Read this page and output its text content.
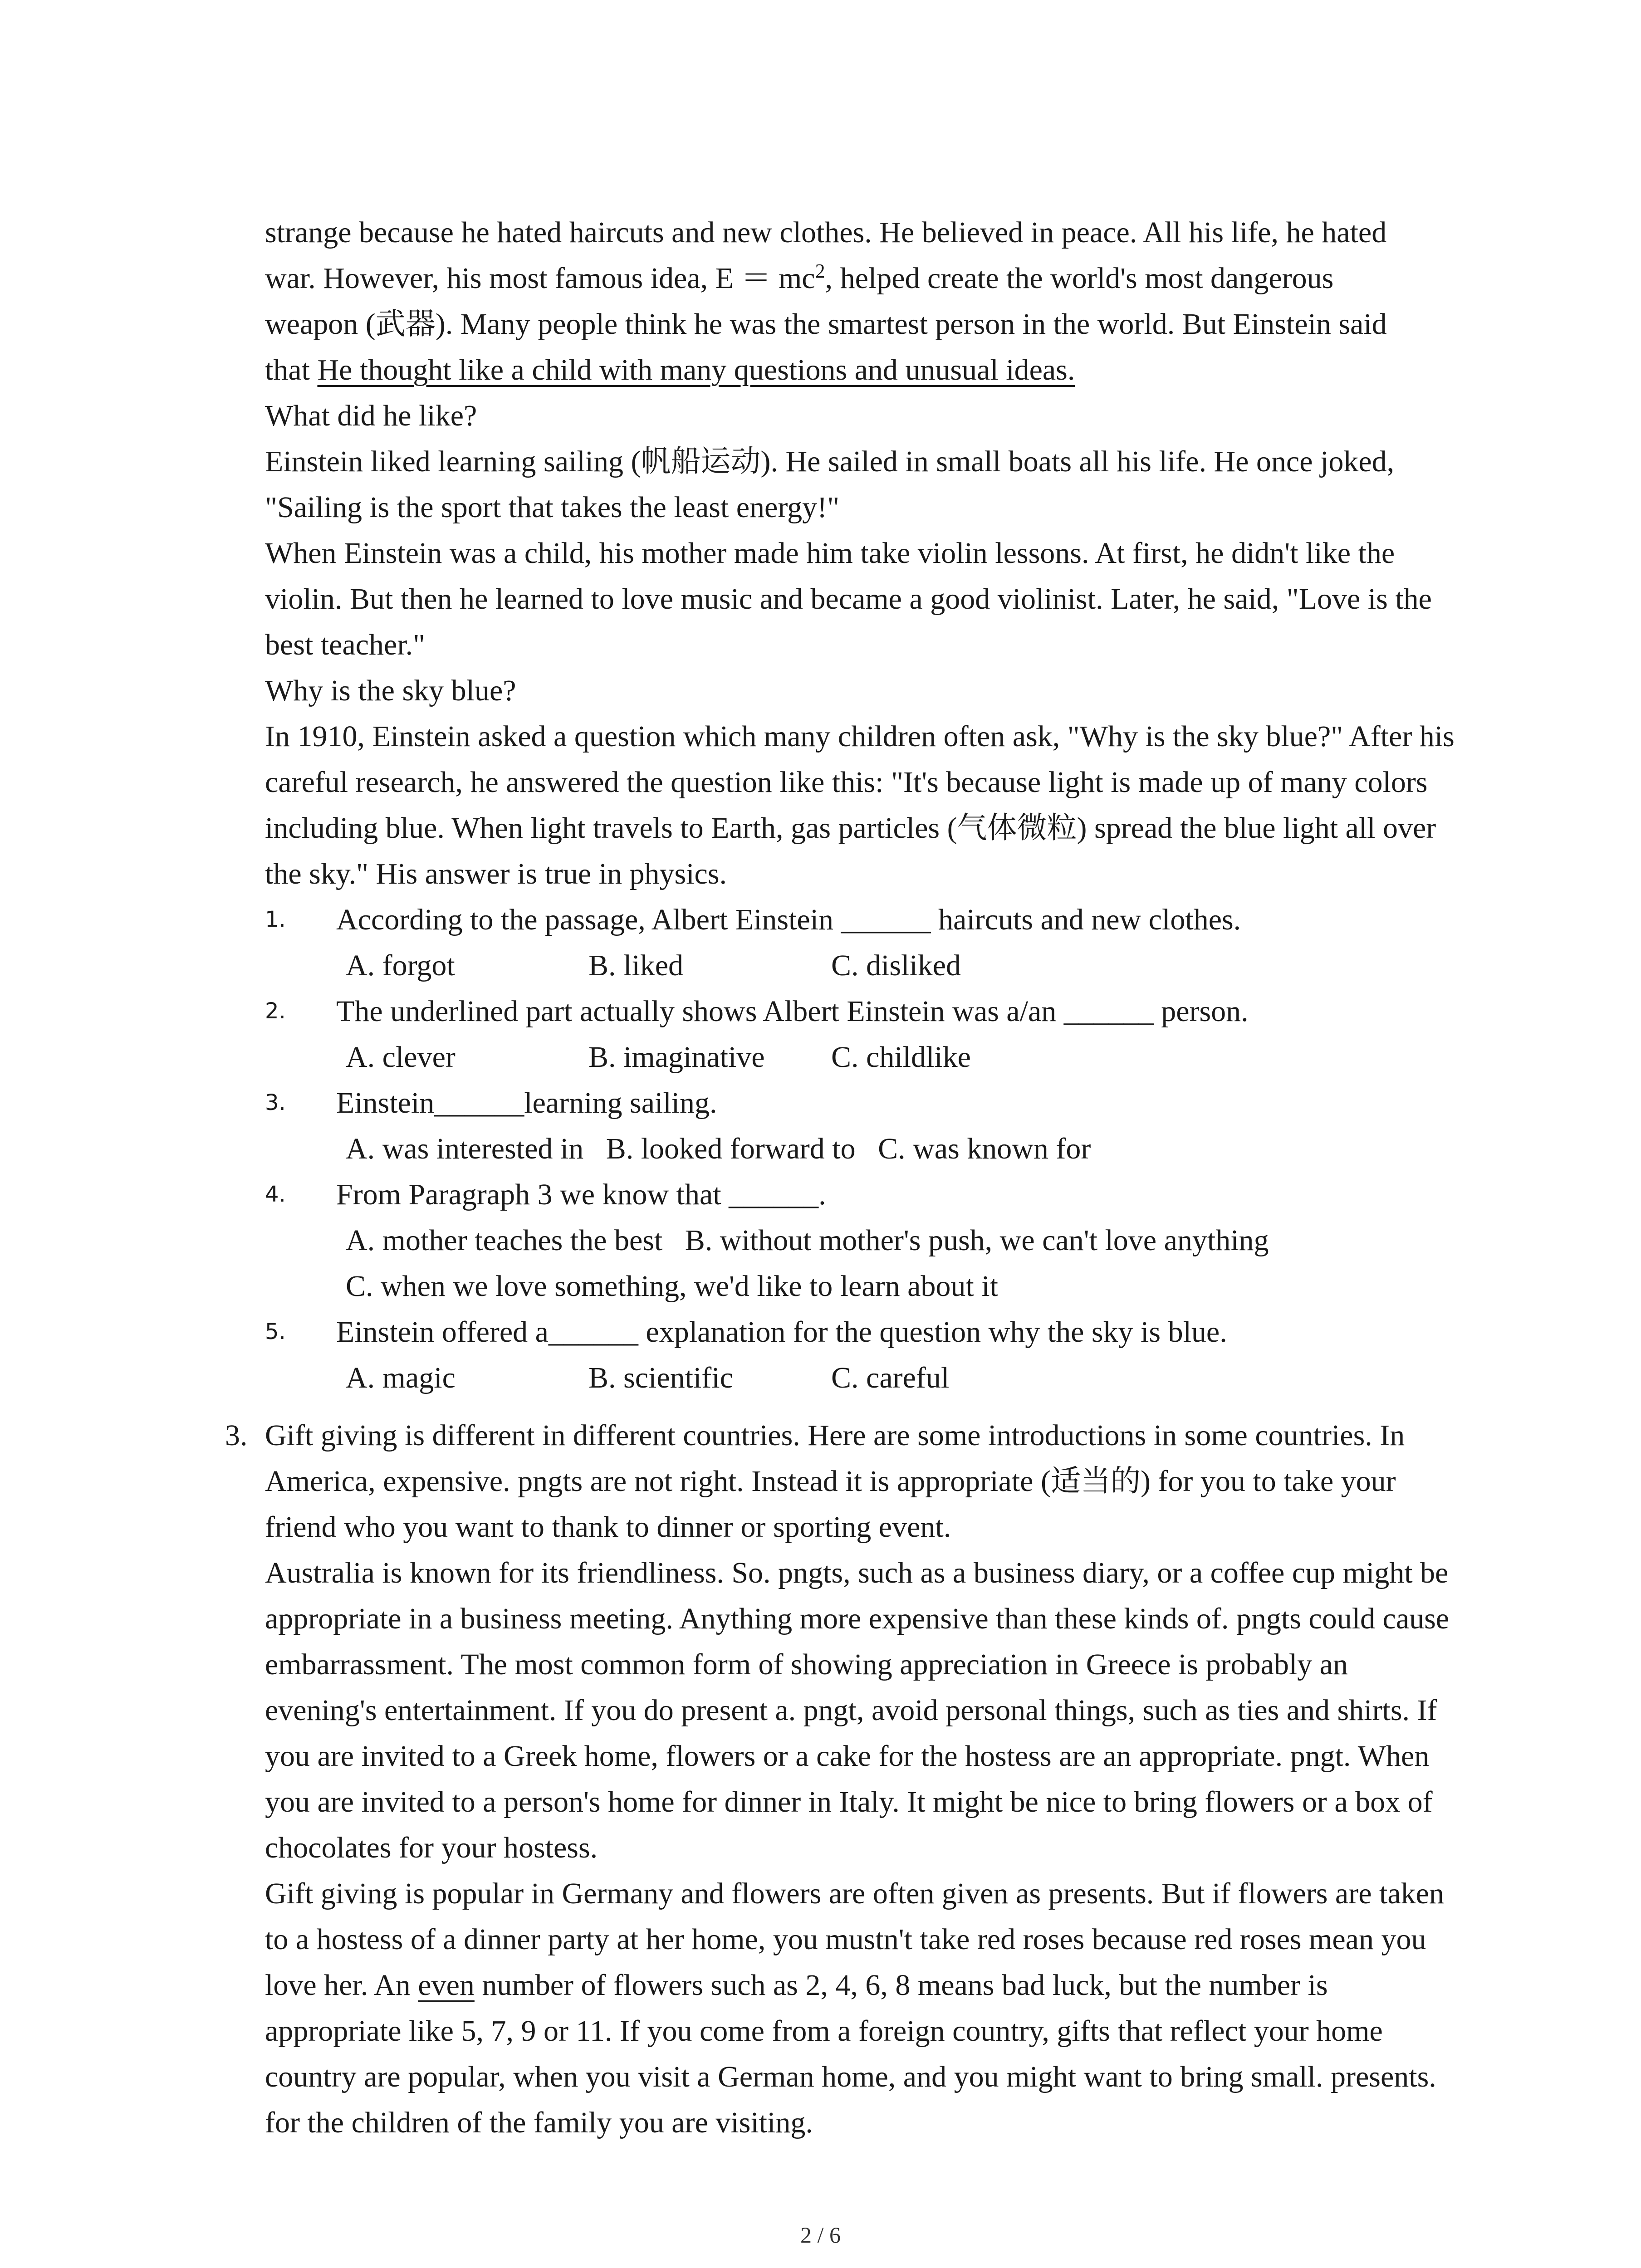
strange because he hated haircuts and new clothes. He believed in peace. All his life, he hated

war. However, his most famous idea, $E = mc^2$, helped create the world's most dangerous

weapon (武器). Many people think he was the smartest person in the world. But Einstein said

that He thought like a child with many questions and unusual ideas.

What did he like?

Einstein liked learning sailing (帆船运动). He sailed in small boats all his life. He once joked, "Sailing is the sport that takes the least energy!"

When Einstein was a child, his mother made him take violin lessons. At first, he didn't like the violin. But then he learned to love music and became a good violinist. Later, he said, "Love is the best teacher."

Why is the sky blue?

In 1910, Einstein asked a question which many children often ask, "Why is the sky blue?" After his careful research, he answered the question like this: "It's because light is made up of many colors including blue. When light travels to Earth, gas particles (气体微粒) spread the blue light all over the sky." His answer is true in physics.

1. According to the passage, Albert Einstein ______ haircuts and new clothes.

A. forgot	B. liked	C. disliked

2. The underlined part actually shows Albert Einstein was a/an ______ person.

A. clever	B. imaginative C. childlike

3. Einstein______learning sailing.

A. was interested in B. looked forward to C. was known for

4. From Paragraph 3 we know that ______.

A. mother teaches the best B. without mother's push, we can't love anything

C. when we love something, we'd like to learn about it

5. Einstein offered a______ explanation for the question why the sky is blue.

A. magic	B. scientific	C. careful

3. Gift giving is different in different countries. Here are some introductions in some countries. In America, expensive. pngts are not right. Instead it is appropriate (适当的) for you to take your friend who you want to thank to dinner or sporting event.

Australia is known for its friendliness. So. pngts, such as a business diary, or a coffee cup might be appropriate in a business meeting. Anything more expensive than these kinds of. pngts could cause embarrassment. The most common form of showing appreciation in Greece is probably an evening's entertainment. If you do present a. pngt, avoid personal things, such as ties and shirts. If you are invited to a Greek home, flowers or a cake for the hostess are an appropriate. pngt. When you are invited to a person's home for dinner in Italy. It might be nice to bring flowers or a box of chocolates for your hostess.

Gift giving is popular in Germany and flowers are often given as presents. But if flowers are taken to a hostess of a dinner party at her home, you mustn't take red roses because red roses mean you love her. An even number of flowers such as 2, 4, 6, 8 means bad luck, but the number is appropriate like 5, 7, 9 or 11. If you come from a foreign country, gifts that reflect your home country are popular, when you visit a German home, and you might want to bring small. presents. for the children of the family you are visiting.

2 / 6
